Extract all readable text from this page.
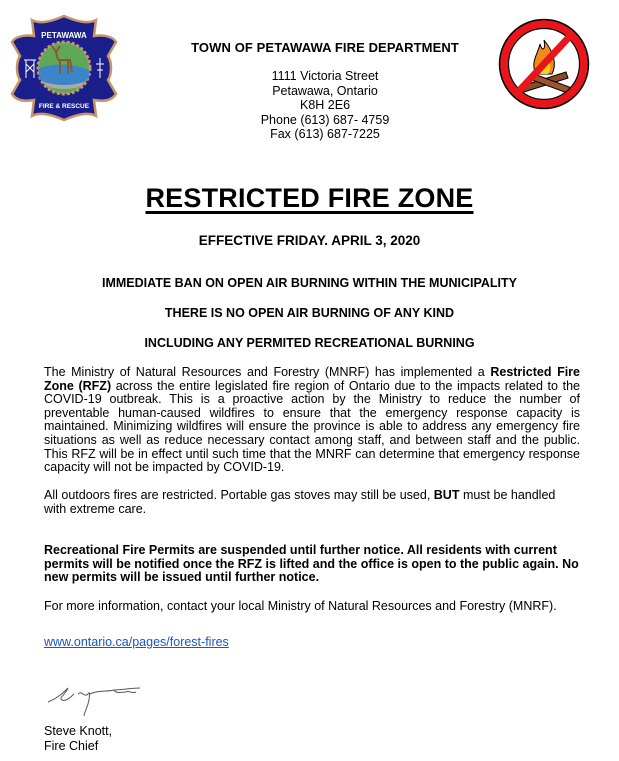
PETAWAWA
FIRE & RESCUE
TOWN OF PETAWAWA FIRE DEPARTMENT
1111 Victoria Street
Petawawa, Ontario
K8H 2E6
Phone (613) 687- 4759
Fax (613) 687-7225
RESTRICTED FIRE ZONE
EFFECTIVE FRIDAY. APRIL 3, 2020
IMMEDIATE BAN ON OPEN AIR BURNING WITHIN THE MUNICIPALITY
THERE IS NO OPEN AIR BURNING OF ANY KIND
INCLUDING ANY PERMITED RECREATIONAL BURNING
The Ministry of Natural Resources and Forestry (MNRF) has implemented a Restricted Fire Zone (RFZ) across the entire legislated fire region of Ontario due to the impacts related to the COVID-19 outbreak. This is a proactive action by the Ministry to reduce the number of preventable human-caused wildfires to ensure that the emergency response capacity is maintained. Minimizing wildfires will ensure the province is able to address any emergency fire situations as well as reduce necessary contact among staff, and between staff and the public. This RFZ will be in effect until such time that the MNRF can determine that emergency response capacity will not be impacted by COVID-19.
All outdoors fires are restricted. Portable gas stoves may still be used, BUT must be handled with extreme care.
Recreational Fire Permits are suspended until further notice. All residents with current permits will be notified once the RFZ is lifted and the office is open to the public again. No new permits will be issued until further notice.
For more information, contact your local Ministry of Natural Resources and Forestry (MNRF).
www.ontario.ca/pages/forest-fires
Steve Knott,
Fire Chief
